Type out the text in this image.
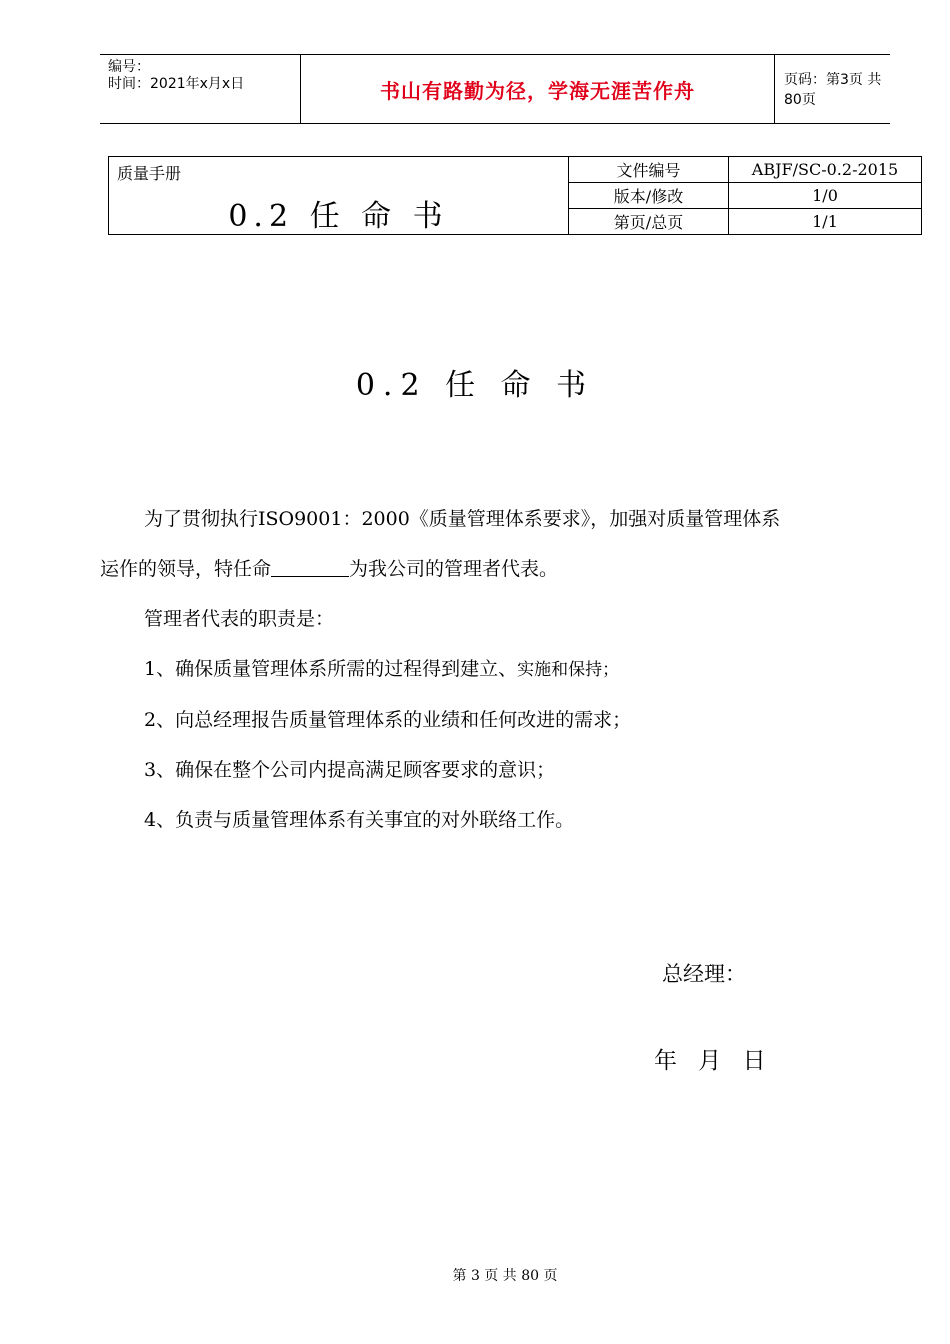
编号：
时间：2021年x月x日	书山有路勤为径，学海无涯苦作舟	页码：第3页 共80页
质量手册
0.2 任 命 书	文件编号	ABJF/SC-0.2-2015
	版本/修改	1/0
	第页/总页	1/1
0.2 任 命 书

为了贯彻执行ISO9001：2000《质量管理体系要求》，加强对质量管理体系

运作的领导，特任命	为我公司的管理者代表。

管理者代表的职责是：

1、确保质量管理体系所需的过程得到建立、实施和保持；

2、向总经理报告质量管理体系的业绩和任何改进的需求；

3、确保在整个公司内提高满足顾客要求的意识；

4、负责与质量管理体系有关事宜的对外联络工作。

总经理：
年 月 日
第 3 页 共 80 页
